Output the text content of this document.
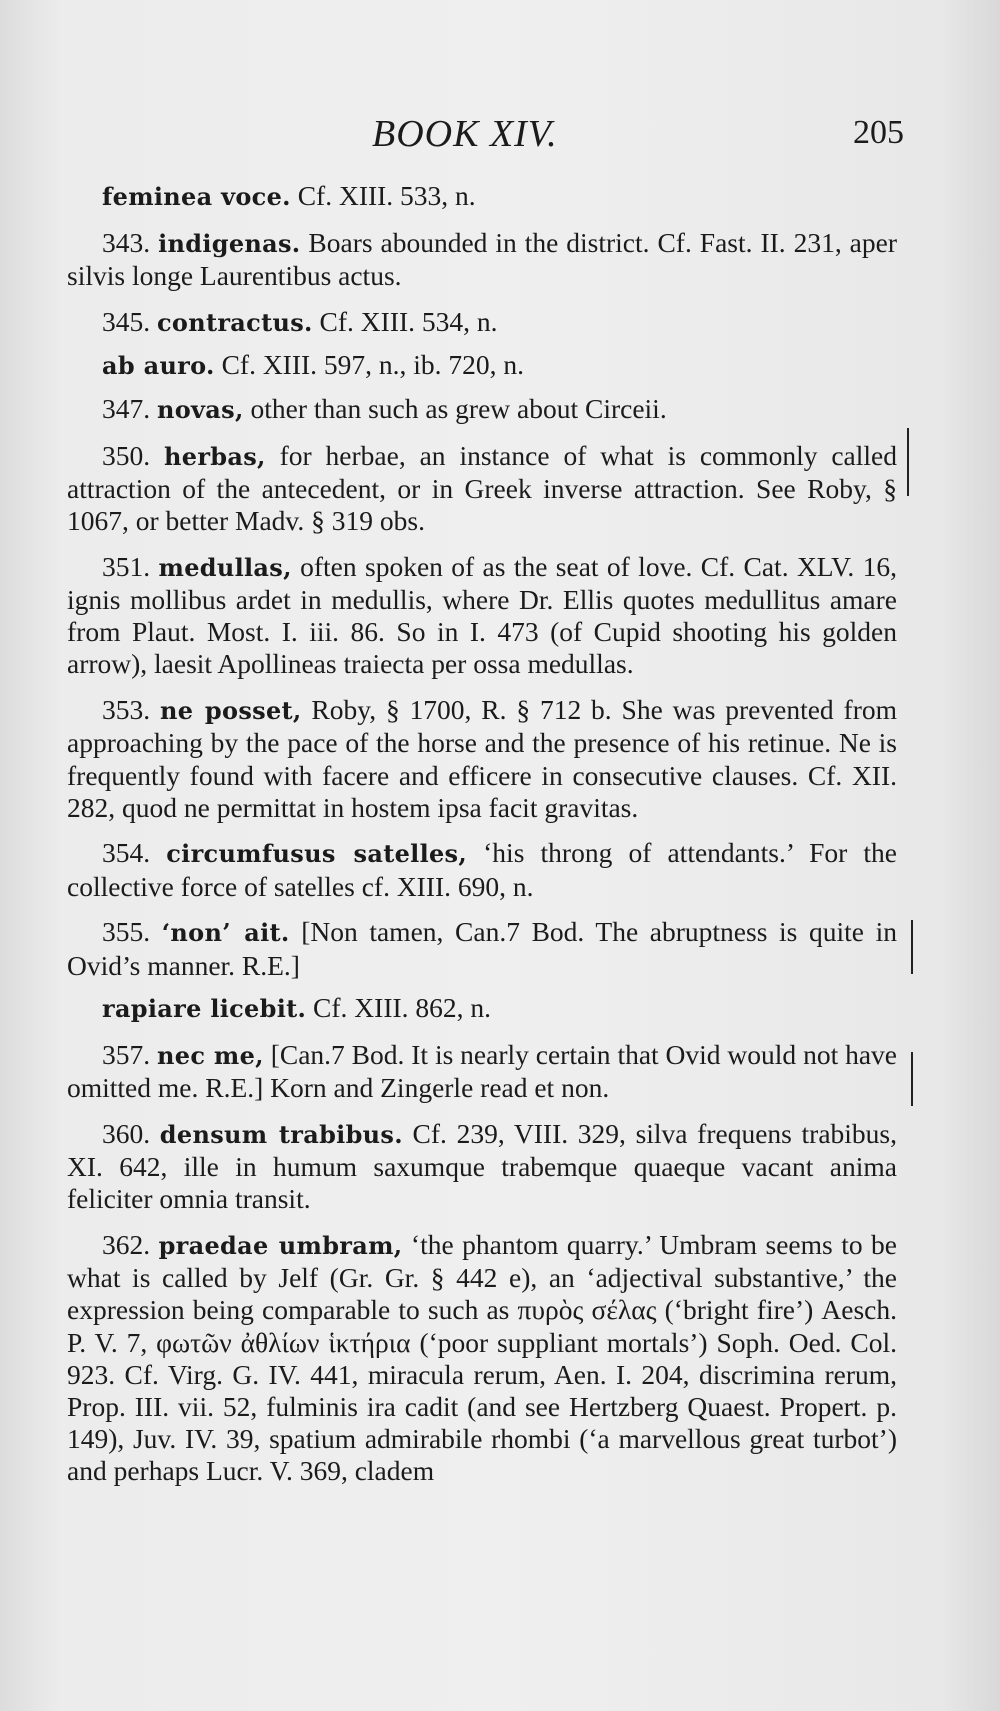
BOOK XIV.	205

feminea voce. Cf. XIII. 533, n.

343. indigenas. Boars abounded in the district. Cf. Fast. II. 231, aper silvis longe Laurentibus actus.

345. contractus. Cf. XIII. 534, n.

ab auro. Cf. XIII. 597, n., ib. 720, n.

347. novas, other than such as grew about Circeii.

350. herbas, for herbae, an instance of what is commonly called attraction of the antecedent, or in Greek inverse attraction. See Roby, § 1067, or better Madv. § 319 obs.

351. medullas, often spoken of as the seat of love. Cf. Cat. XLV. 16, ignis mollibus ardet in medullis, where Dr. Ellis quotes medullitus amare from Plaut. Most. I. iii. 86. So in I. 473 (of Cupid shooting his golden arrow), laesit Apollineas traiecta per ossa medullas.

353. ne posset, Roby, § 1700, R. § 712 b. She was prevented from approaching by the pace of the horse and the presence of his retinue. Ne is frequently found with facere and efficere in consecutive clauses. Cf. XII. 282, quod ne permittat in hostem ipsa facit gravitas.

354. circumfusus satelles, ‘his throng of attendants.’ For the collective force of satelles cf. XIII. 690, n.

355. ‘non’ ait. [Non tamen, Can.7 Bod. The abruptness is quite in Ovid’s manner. R.E.]

rapiare licebit. Cf. XIII. 862, n.

357. nec me, [Can.7 Bod. It is nearly certain that Ovid would not have omitted me. R.E.] Korn and Zingerle read et non.

360. densum trabibus. Cf. 239, VIII. 329, silva frequens trabibus, XI. 642, ille in humum saxumque trabemque quaeque vacant anima feliciter omnia transit.

362. praedae umbram, ‘the phantom quarry.’ Umbram seems to be what is called by Jelf (Gr. Gr. § 442 e), an ‘adjectival substantive,’ the expression being comparable to such as πυρὸς σέλας (‘bright fire’) Aesch. P. V. 7, φωτῶν ἀθλίων ἱκτήρια (‘poor suppliant mortals’) Soph. Oed. Col. 923. Cf. Virg. G. IV. 441, miracula rerum, Aen. I. 204, discrimina rerum, Prop. III. vii. 52, fulminis ira cadit (and see Hertzberg Quaest. Propert. p. 149), Juv. IV. 39, spatium admirabile rhombi (‘a marvellous great turbot’) and perhaps Lucr. V. 369, cladem
